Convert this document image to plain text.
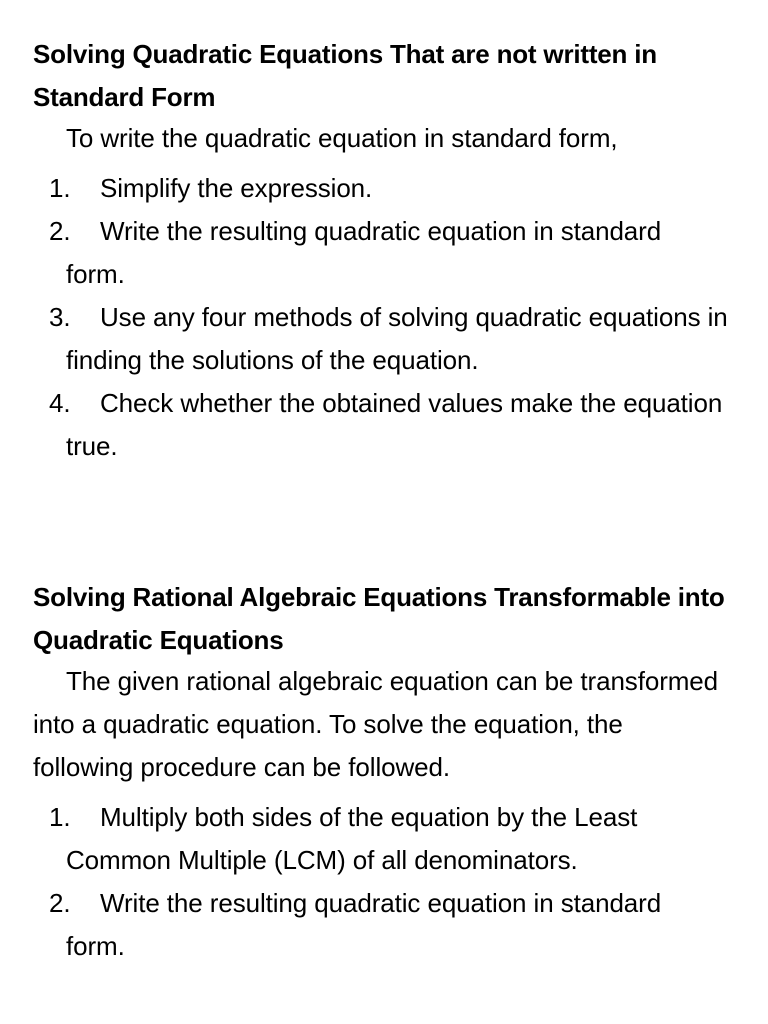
Solving Quadratic Equations That are not written in Standard Form

To write the quadratic equation in standard form,

1.	Simplify the expression.
2.	Write the resulting quadratic equation in standard form.
3.	Use any four methods of solving quadratic equations in finding the solutions of the equation.
4.	Check whether the obtained values make the equation true.
Solving Rational Algebraic Equations Transformable into Quadratic Equations

The given rational algebraic equation can be transformed into a quadratic equation. To solve the equation, the following procedure can be followed.

1.	Multiply both sides of the equation by the Least Common Multiple (LCM) of all denominators.
2.	Write the resulting quadratic equation in standard form.
